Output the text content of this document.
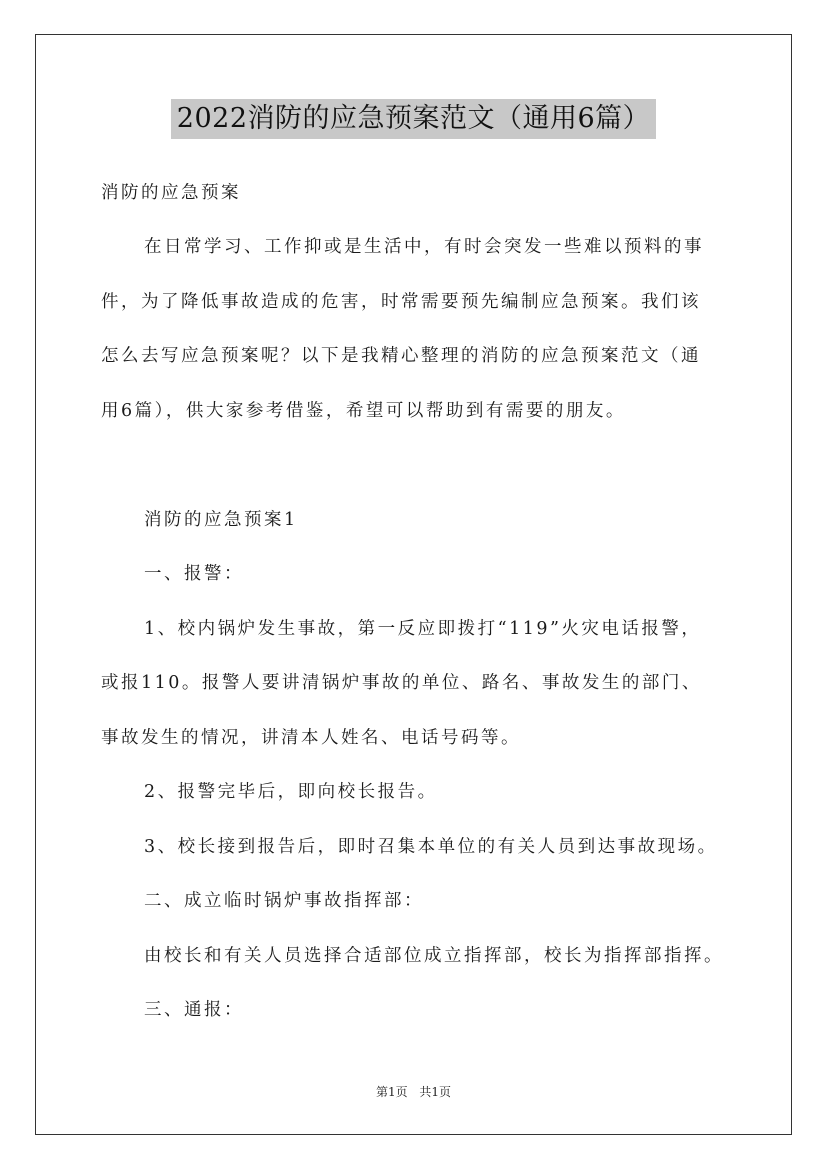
2022消防的应急预案范文（通用6篇）
消防的应急预案
在日常学习、工作抑或是生活中，有时会突发一些难以预料的事
件，为了降低事故造成的危害，时常需要预先编制应急预案。我们该
怎么去写应急预案呢？以下是我精心整理的消防的应急预案范文（通
用6篇），供大家参考借鉴，希望可以帮助到有需要的朋友。
消防的应急预案1
一、报警：
1、校内锅炉发生事故，第一反应即拨打“119”火灾电话报警，
或报110。报警人要讲清锅炉事故的单位、路名、事故发生的部门、
事故发生的情况，讲清本人姓名、电话号码等。
2、报警完毕后，即向校长报告。
3、校长接到报告后，即时召集本单位的有关人员到达事故现场。
二、成立临时锅炉事故指挥部：
由校长和有关人员选择合适部位成立指挥部，校长为指挥部指挥。
三、通报：
第1页 共1页
